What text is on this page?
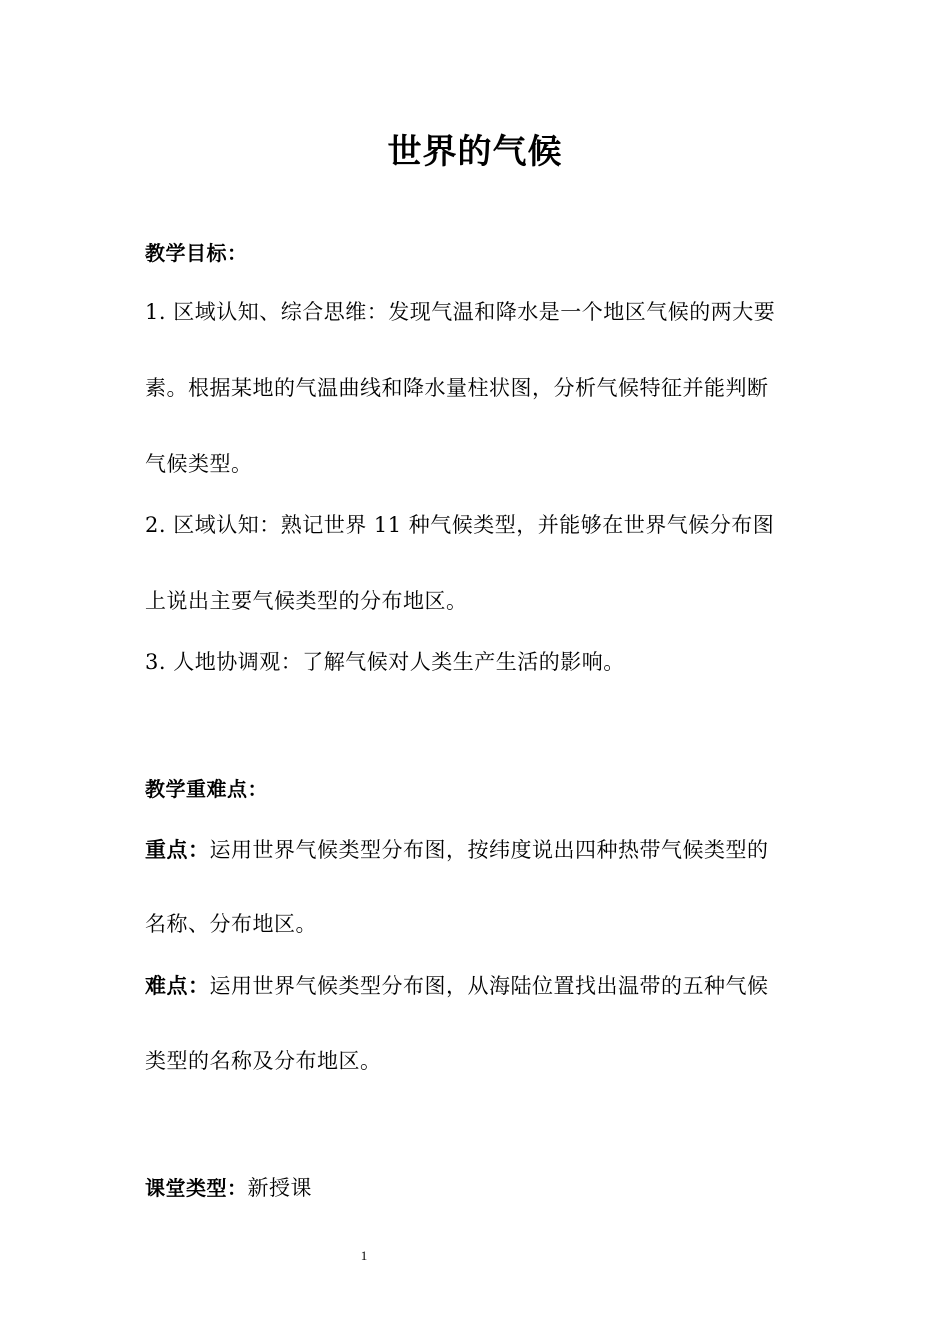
世界的气候
教学目标：
1. 区域认知、综合思维：发现气温和降水是一个地区气候的两大要
素。根据某地的气温曲线和降水量柱状图，分析气候特征并能判断
气候类型。
2. 区域认知：熟记世界 11 种气候类型，并能够在世界气候分布图
上说出主要气候类型的分布地区。
3. 人地协调观：了解气候对人类生产生活的影响。
教学重难点：
重点：运用世界气候类型分布图，按纬度说出四种热带气候类型的
名称、分布地区。
难点：运用世界气候类型分布图，从海陆位置找出温带的五种气候
类型的名称及分布地区。
课堂类型：新授课
1
